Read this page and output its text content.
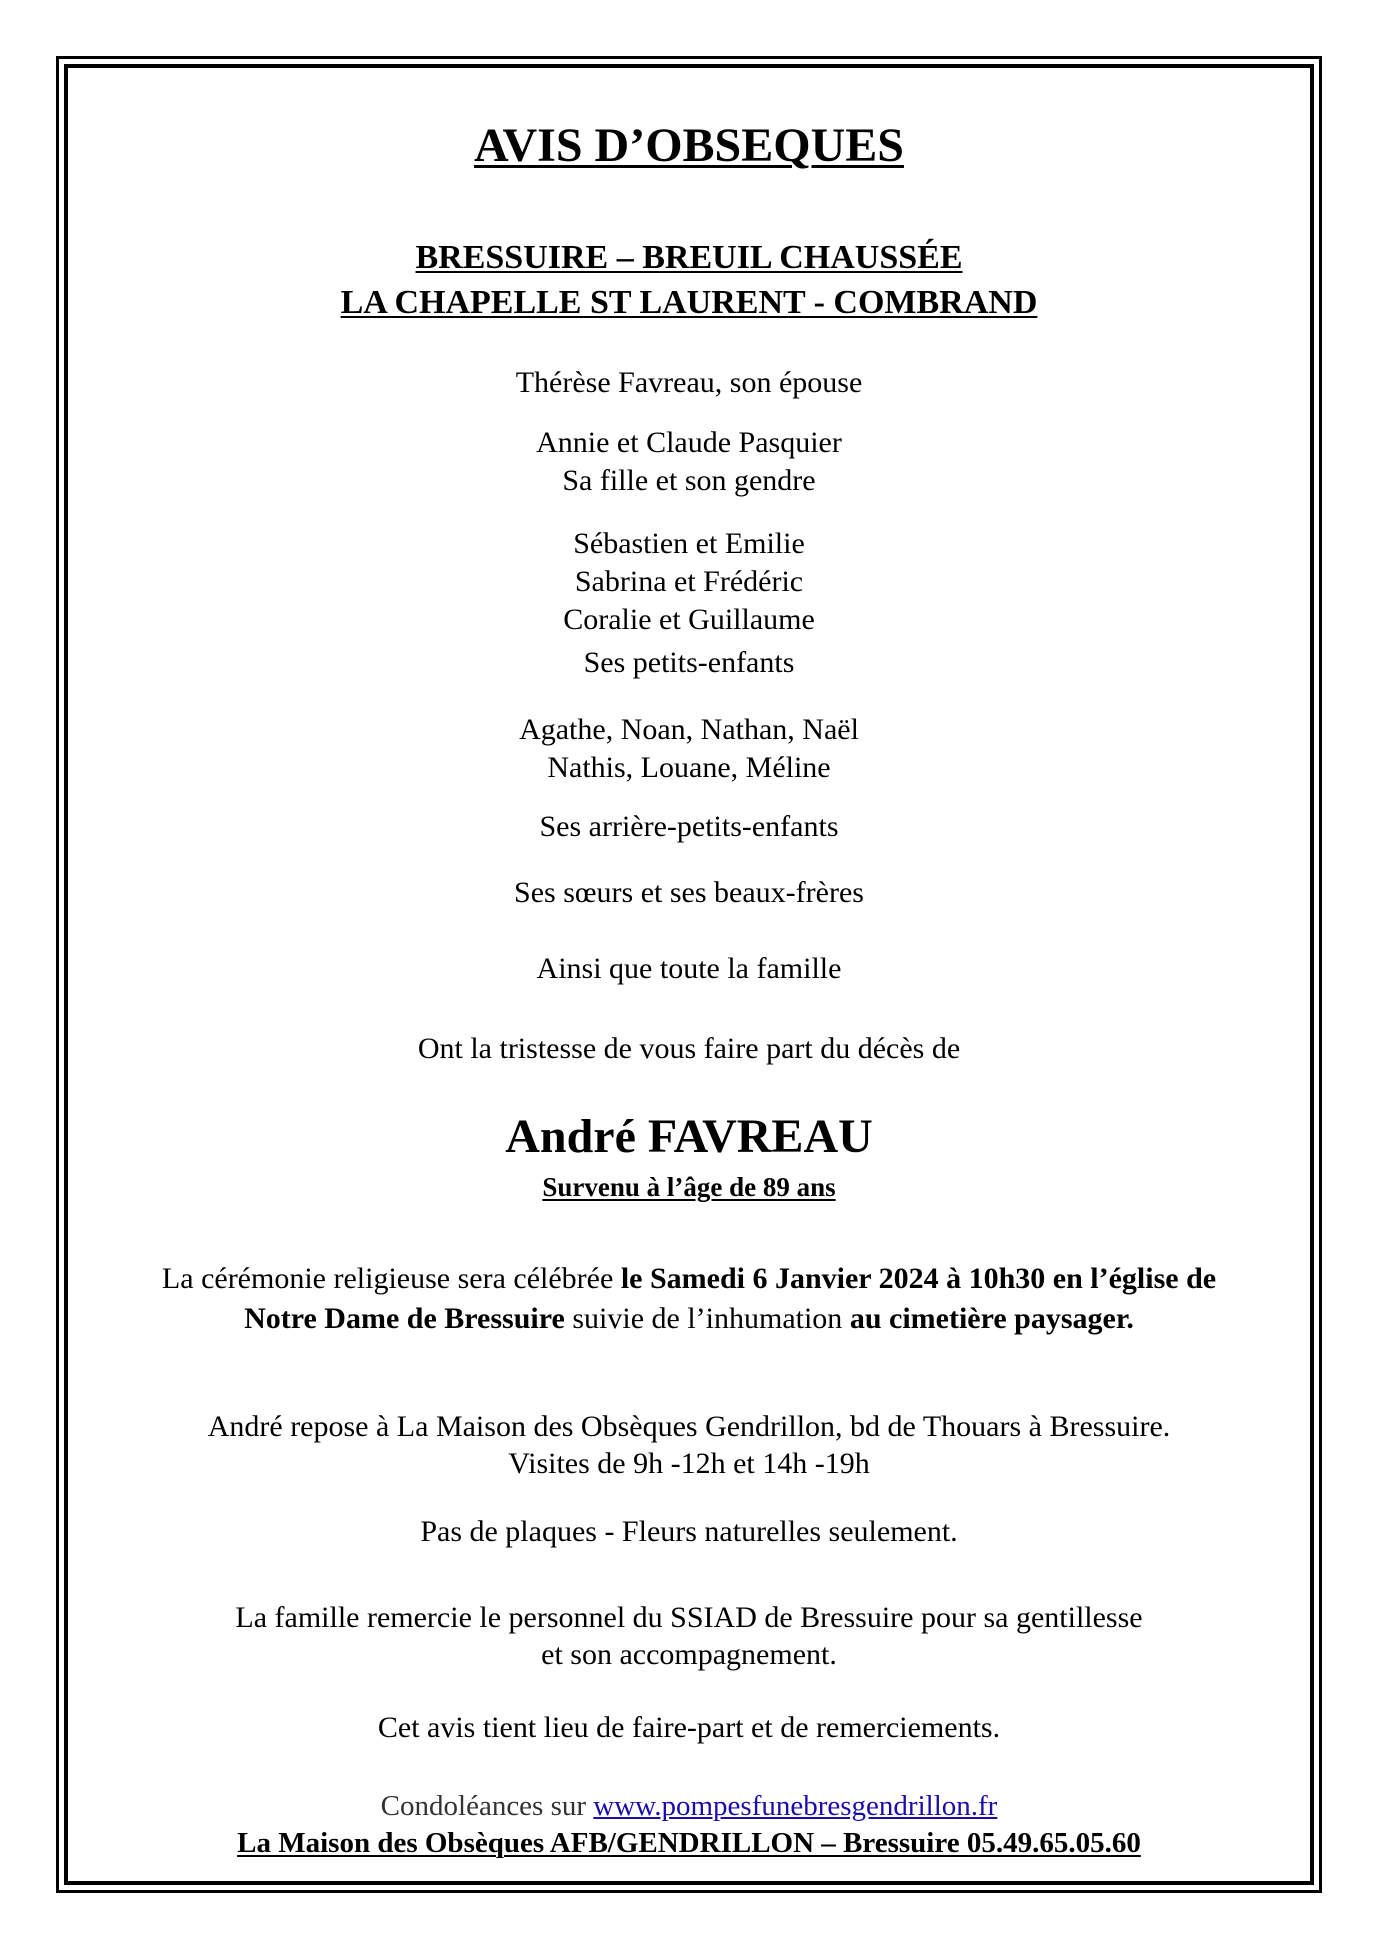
AVIS D’OBSEQUES
BRESSUIRE – BREUIL CHAUSSÉE
LA CHAPELLE ST LAURENT - COMBRAND
Thérèse Favreau, son épouse
Annie et Claude Pasquier
Sa fille et son gendre
Sébastien et Emilie
Sabrina et Frédéric
Coralie et Guillaume
Ses petits-enfants
Agathe, Noan, Nathan, Naël
Nathis, Louane, Méline
Ses arrière-petits-enfants
Ses sœurs et ses beaux-frères
Ainsi que toute la famille
Ont la tristesse de vous faire part du décès de
André FAVREAU
Survenu à l’âge de 89 ans
La cérémonie religieuse sera célébrée le Samedi 6 Janvier 2024 à 10h30 en l’église de
Notre Dame de Bressuire suivie de l’inhumation au cimetière paysager.
André repose à La Maison des Obsèques Gendrillon, bd de Thouars à Bressuire.
Visites de 9h -12h et 14h -19h
Pas de plaques - Fleurs naturelles seulement.
La famille remercie le personnel du SSIAD de Bressuire pour sa gentillesse
et son accompagnement.
Cet avis tient lieu de faire-part et de remerciements.
Condoléances sur www.pompesfunebresgendrillon.fr
La Maison des Obsèques AFB/GENDRILLON – Bressuire 05.49.65.05.60
